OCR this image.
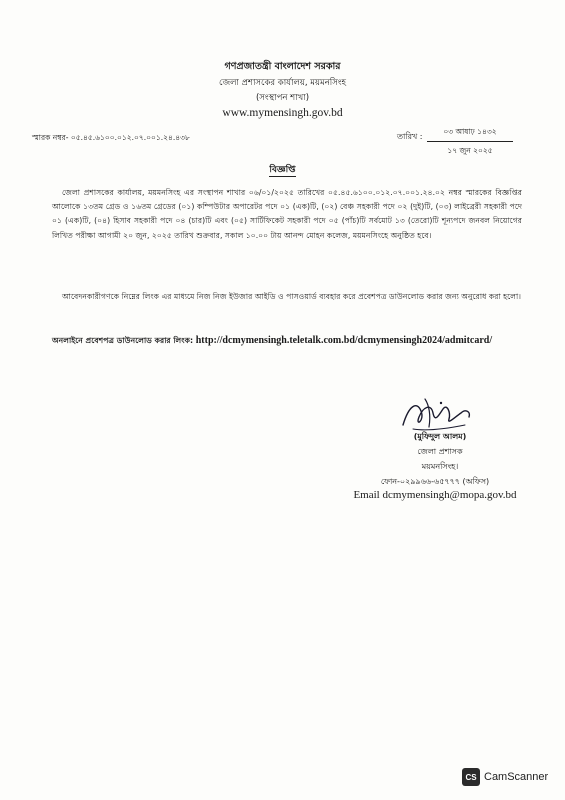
গণপ্রজাতন্ত্রী বাংলাদেশ সরকার
জেলা প্রশাসকের কার্যালয়, ময়মনসিংহ
(সংস্থাপন শাখা)
www.mymensingh.gov.bd
স্মারক নম্বর- ০৫.৪৫.৬১০০.০১২.০৭.০০১.২৪.৪৩৮	তারিখ :
০৩ আষাঢ় ১৪৩২
১৭ জুন ২০২৫
বিজ্ঞপ্তি
জেলা প্রশাসকের কার্যালয়, ময়মনসিংহ এর সংস্থাপন শাখার ০৬/০১/২০২৫ তারিখের ০৫.৪৫.৬১০০.০১২.০৭.০০১.২৪.০২ নম্বর স্মারকের বিজ্ঞপ্তির আলোকে ১৩তম গ্রেড ও ১৬তম গ্রেডের (০১) কম্পিউটার অপারেটর পদে ০১ (এক)টি, (০২) বেঞ্চ সহকারী পদে ০২ (দুই)টি, (০৩) লাইব্রেরী সহকারী পদে ০১ (এক)টি, (০৪) হিসাব সহকারী পদে ০৪ (চার)টি এবং (০৫) সার্টিফিকেট সহকারী পদে ০৫ (পাঁচ)টি সর্বমোট ১৩ (তেরো)টি শূন্যপদে জনবল নিয়োগের লিখিত পরীক্ষা আগামী ২০ জুন, ২০২৫ তারিখ শুক্রবার, সকাল ১০.০০ টায় আনন্দ মোহন কলেজ, ময়মনসিংহে অনুষ্ঠিত হবে।
আবেদনকারীগণকে নিম্নের লিংক এর মাধ্যমে নিজ নিজ ইউজার আইডি ও পাসওয়ার্ড ব্যবহার করে প্রবেশপত্র ডাউনলোড করার জন্য অনুরোধ করা হলো।
অনলাইনে প্রবেশপত্র ডাউনলোড করার লিংক: http://dcmymensingh.teletalk.com.bd/dcmymensingh2024/admitcard/
(মুফিদুল আলম)
জেলা প্রশাসক
ময়মনসিংহ।
ফোন-০২৯৯৬৬-৬৫৭৭৭ (অফিস)
Email dcmymensingh@mopa.gov.bd
CS CamScanner
